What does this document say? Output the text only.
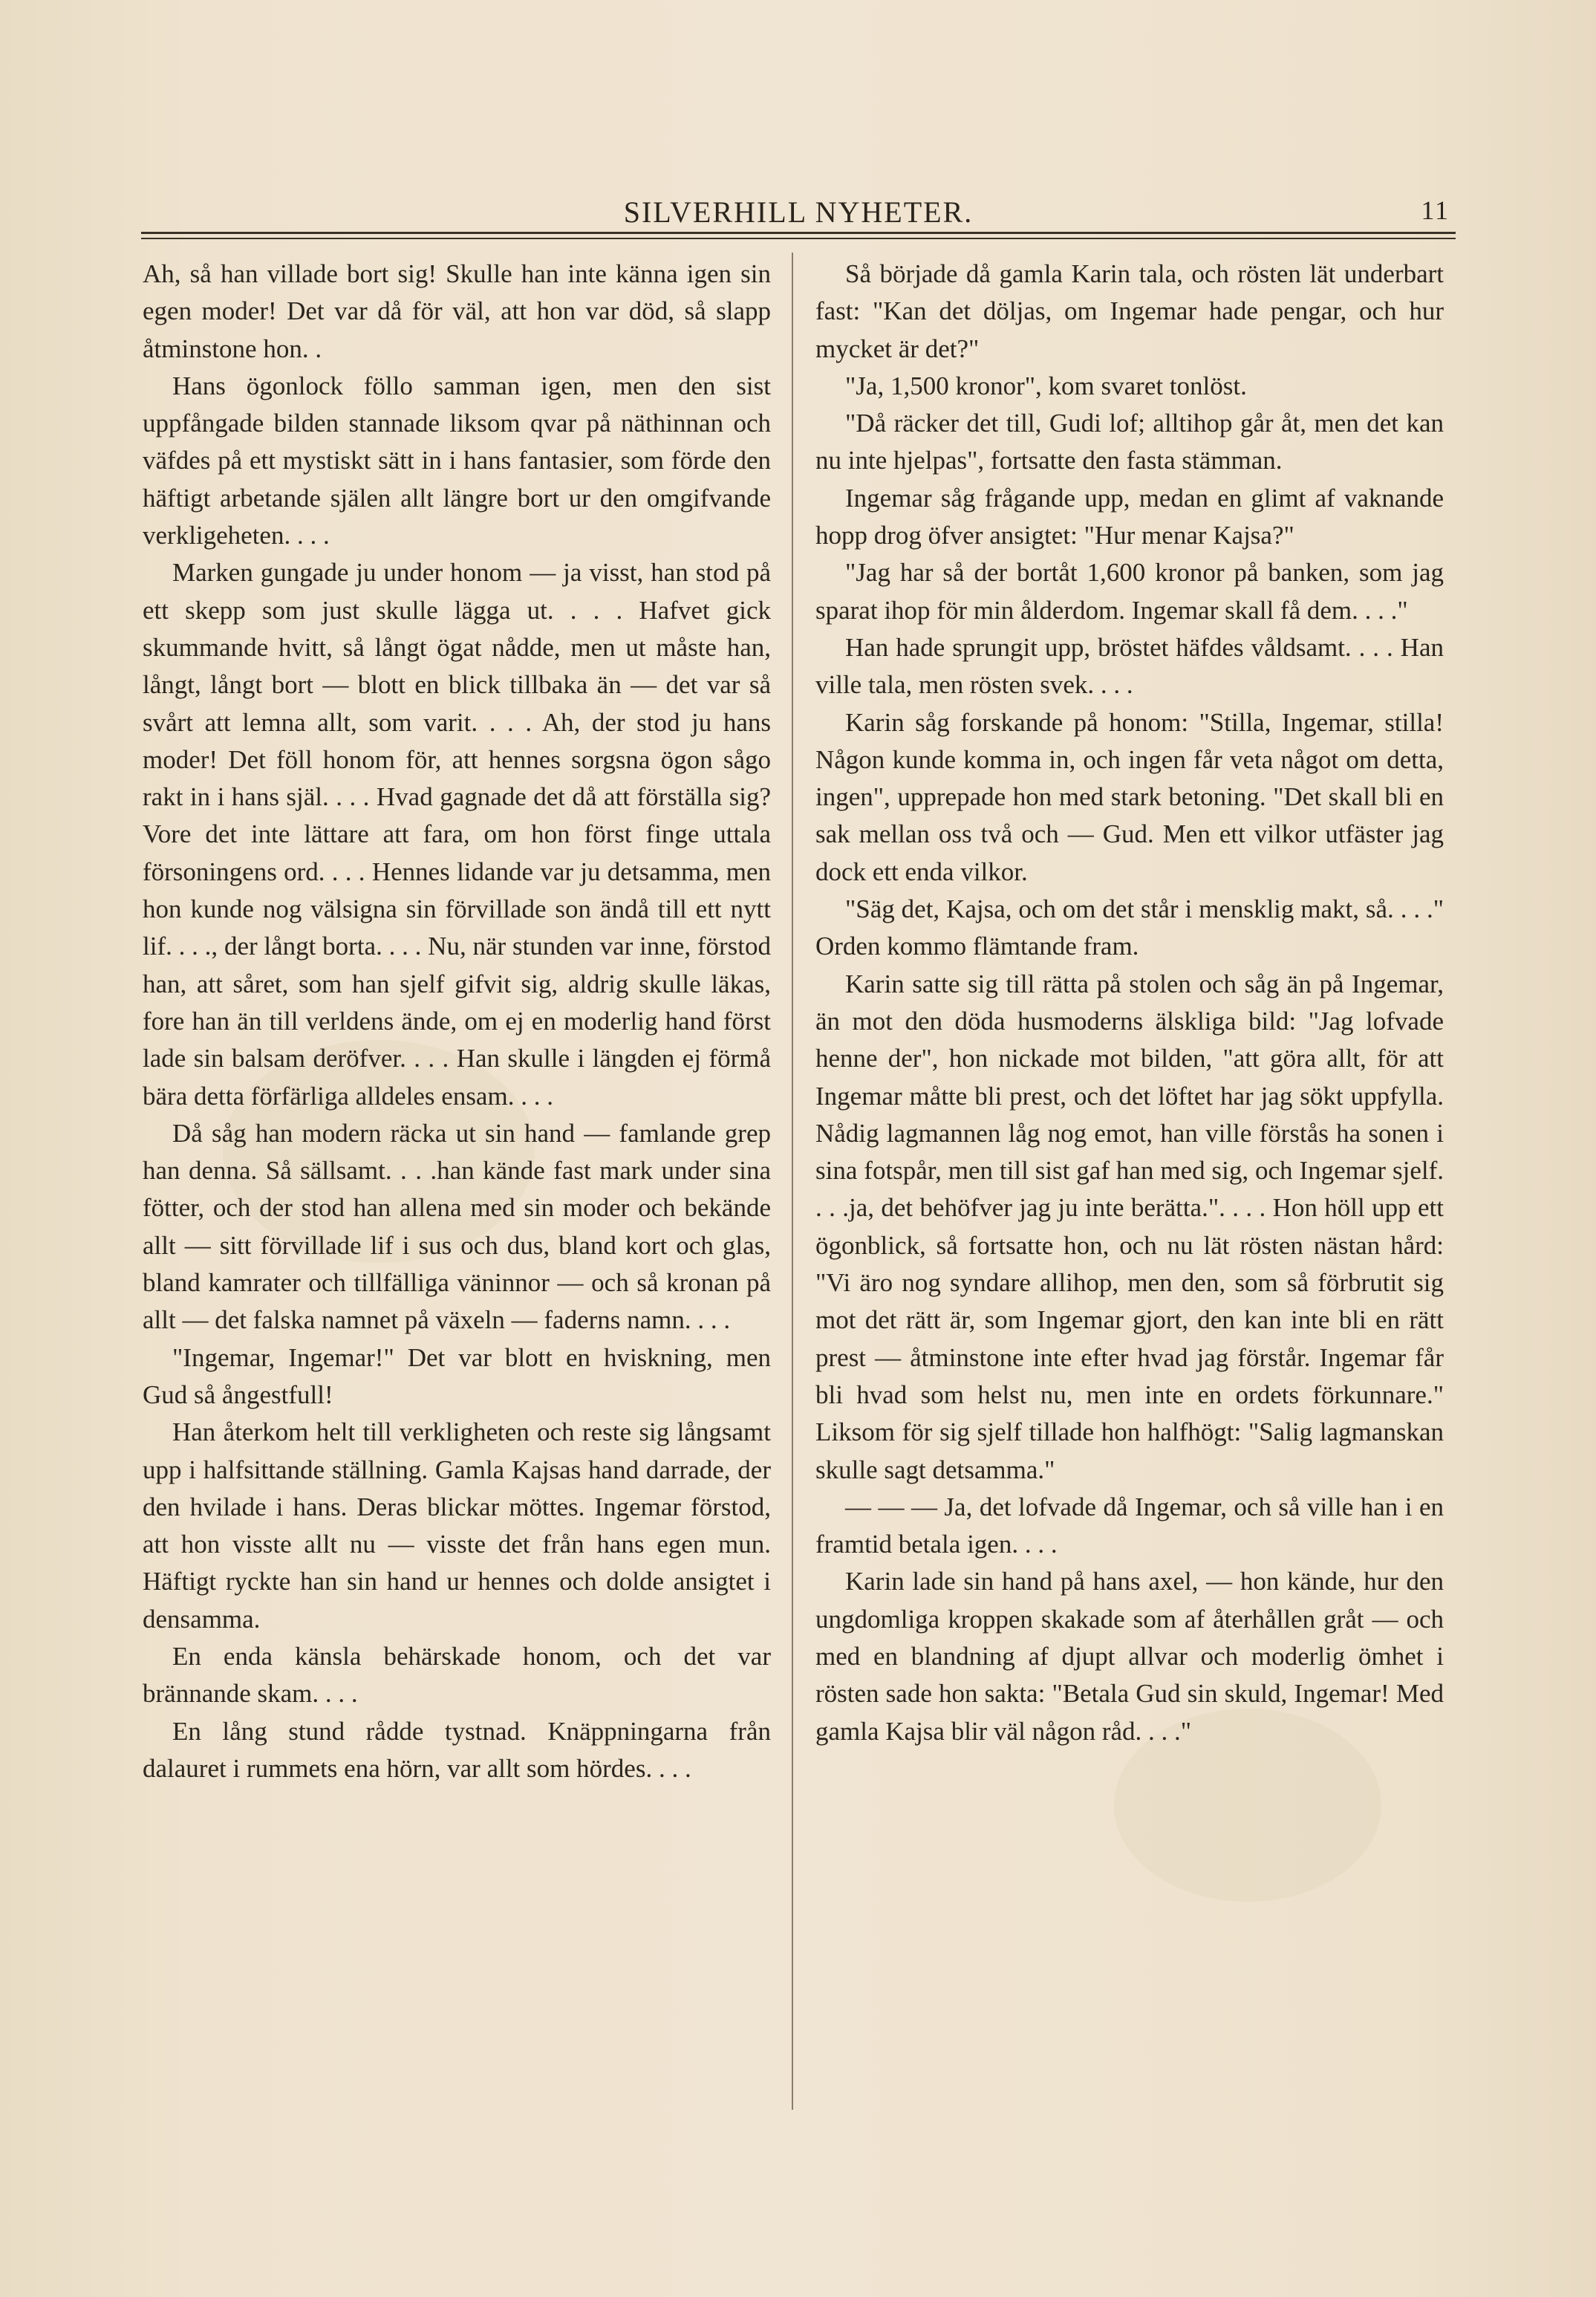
SILVERHILL NYHETER.	11

Ah, så han villade bort sig! Skulle han inte känna igen sin egen moder! Det var då för väl, att hon var död, så slapp åtminstone hon. .

Hans ögonlock föllo samman igen, men den sist uppfångade bilden stannade liksom qvar på näthinnan och väfdes på ett mystiskt sätt in i hans fantasier, som förde den häftigt arbetande själen allt längre bort ur den omgifvande verkligeheten. . . .

Marken gungade ju under honom — ja visst, han stod på ett skepp som just skulle lägga ut. . . . Hafvet gick skummande hvitt, så långt ögat nådde, men ut måste han, långt, långt bort — blott en blick tillbaka än — det var så svårt att lemna allt, som varit. . . . Ah, der stod ju hans moder! Det föll honom för, att hennes sorgsna ögon sågo rakt in i hans själ. . . . Hvad gagnade det då att förställa sig? Vore det inte lättare att fara, om hon först finge uttala försoningens ord. . . . Hennes lidande var ju detsamma, men hon kunde nog välsigna sin förvillade son ändå till ett nytt lif. . . ., der långt borta. . . . Nu, när stunden var inne, förstod han, att såret, som han sjelf gifvit sig, aldrig skulle läkas, fore han än till verldens ände, om ej en moderlig hand först lade sin balsam deröfver. . . . Han skulle i längden ej förmå bära detta förfärliga alldeles ensam. . . .

Då såg han modern räcka ut sin hand — famlande grep han denna. Så sällsamt. . . .han kände fast mark under sina fötter, och der stod han allena med sin moder och bekände allt — sitt förvillade lif i sus och dus, bland kort och glas, bland kamrater och tillfälliga väninnor — och så kronan på allt — det falska namnet på växeln — faderns namn. . . .

"Ingemar, Ingemar!" Det var blott en hviskning, men Gud så ångestfull!

Han återkom helt till verkligheten och reste sig långsamt upp i halfsittande ställning. Gamla Kajsas hand darrade, der den hvilade i hans. Deras blickar möttes. Ingemar förstod, att hon visste allt nu — visste det från hans egen mun. Häftigt ryckte han sin hand ur hennes och dolde ansigtet i densamma.

En enda känsla behärskade honom, och det var brännande skam. . . .

En lång stund rådde tystnad. Knäppningarna från dalauret i rummets ena hörn, var allt som hördes. . . .

Så började då gamla Karin tala, och rösten lät underbart fast: "Kan det döljas, om Ingemar hade pengar, och hur mycket är det?"

"Ja, 1,500 kronor", kom svaret tonlöst.

"Då räcker det till, Gudi lof; alltihop går åt, men det kan nu inte hjelpas", fortsatte den fasta stämman.

Ingemar såg frågande upp, medan en glimt af vaknande hopp drog öfver ansigtet: "Hur menar Kajsa?"

"Jag har så der bortåt 1,600 kronor på banken, som jag sparat ihop för min ålderdom. Ingemar skall få dem. . . ."

Han hade sprungit upp, bröstet häfdes våldsamt. . . . Han ville tala, men rösten svek. . . .

Karin såg forskande på honom: "Stilla, Ingemar, stilla! Någon kunde komma in, och ingen får veta något om detta, ingen", upprepade hon med stark betoning. "Det skall bli en sak mellan oss två och — Gud. Men ett vilkor utfäster jag dock ett enda vilkor.

"Säg det, Kajsa, och om det står i mensklig makt, så. . . ." Orden kommo flämtande fram.

Karin satte sig till rätta på stolen och såg än på Ingemar, än mot den döda husmoderns älskliga bild: "Jag lofvade henne der", hon nickade mot bilden, "att göra allt, för att Ingemar måtte bli prest, och det löftet har jag sökt uppfylla. Nådig lagmannen låg nog emot, han ville förstås ha sonen i sina fotspår, men till sist gaf han med sig, och Ingemar sjelf. . . .ja, det behöfver jag ju inte berätta.". . . . Hon höll upp ett ögonblick, så fortsatte hon, och nu lät rösten nästan hård: "Vi äro nog syndare allihop, men den, som så förbrutit sig mot det rätt är, som Ingemar gjort, den kan inte bli en rätt prest — åtminstone inte efter hvad jag förstår. Ingemar får bli hvad som helst nu, men inte en ordets förkunnare." Liksom för sig sjelf tillade hon halfhögt: "Salig lagmanskan skulle sagt detsamma."

— — — Ja, det lofvade då Ingemar, och så ville han i en framtid betala igen. . . .

Karin lade sin hand på hans axel, — hon kände, hur den ungdomliga kroppen skakade som af återhållen gråt — och med en blandning af djupt allvar och moderlig ömhet i rösten sade hon sakta: "Betala Gud sin skuld, Ingemar! Med gamla Kajsa blir väl någon råd. . . ."
